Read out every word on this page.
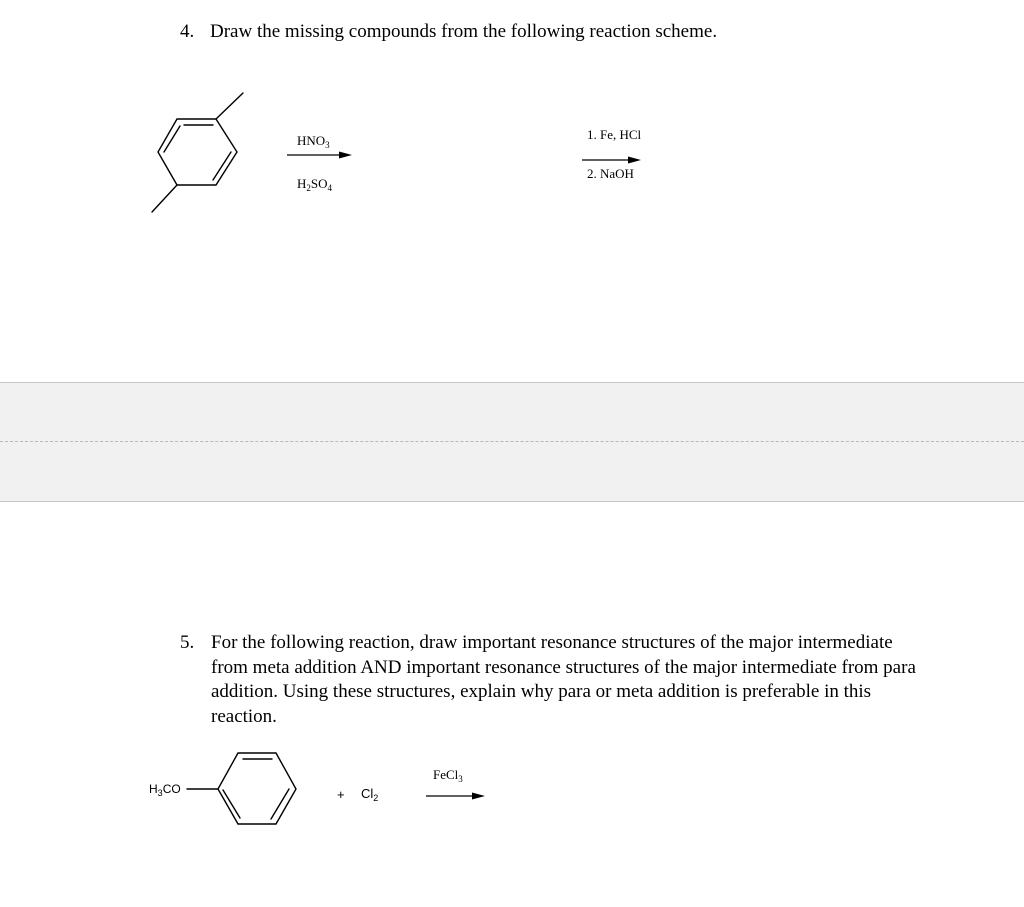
4. Draw the missing compounds from the following reaction scheme.
$HNO_3$
$H_2SO_4$
1. Fe, HCl
2. NaOH
5. For the following reaction, draw important resonance structures of the major intermediate from meta addition AND important resonance structures of the major intermediate from para addition. Using these structures, explain why para or meta addition is preferable in this reaction.
$H_3CO$	+ $Cl_2$
FeCl$_3$
